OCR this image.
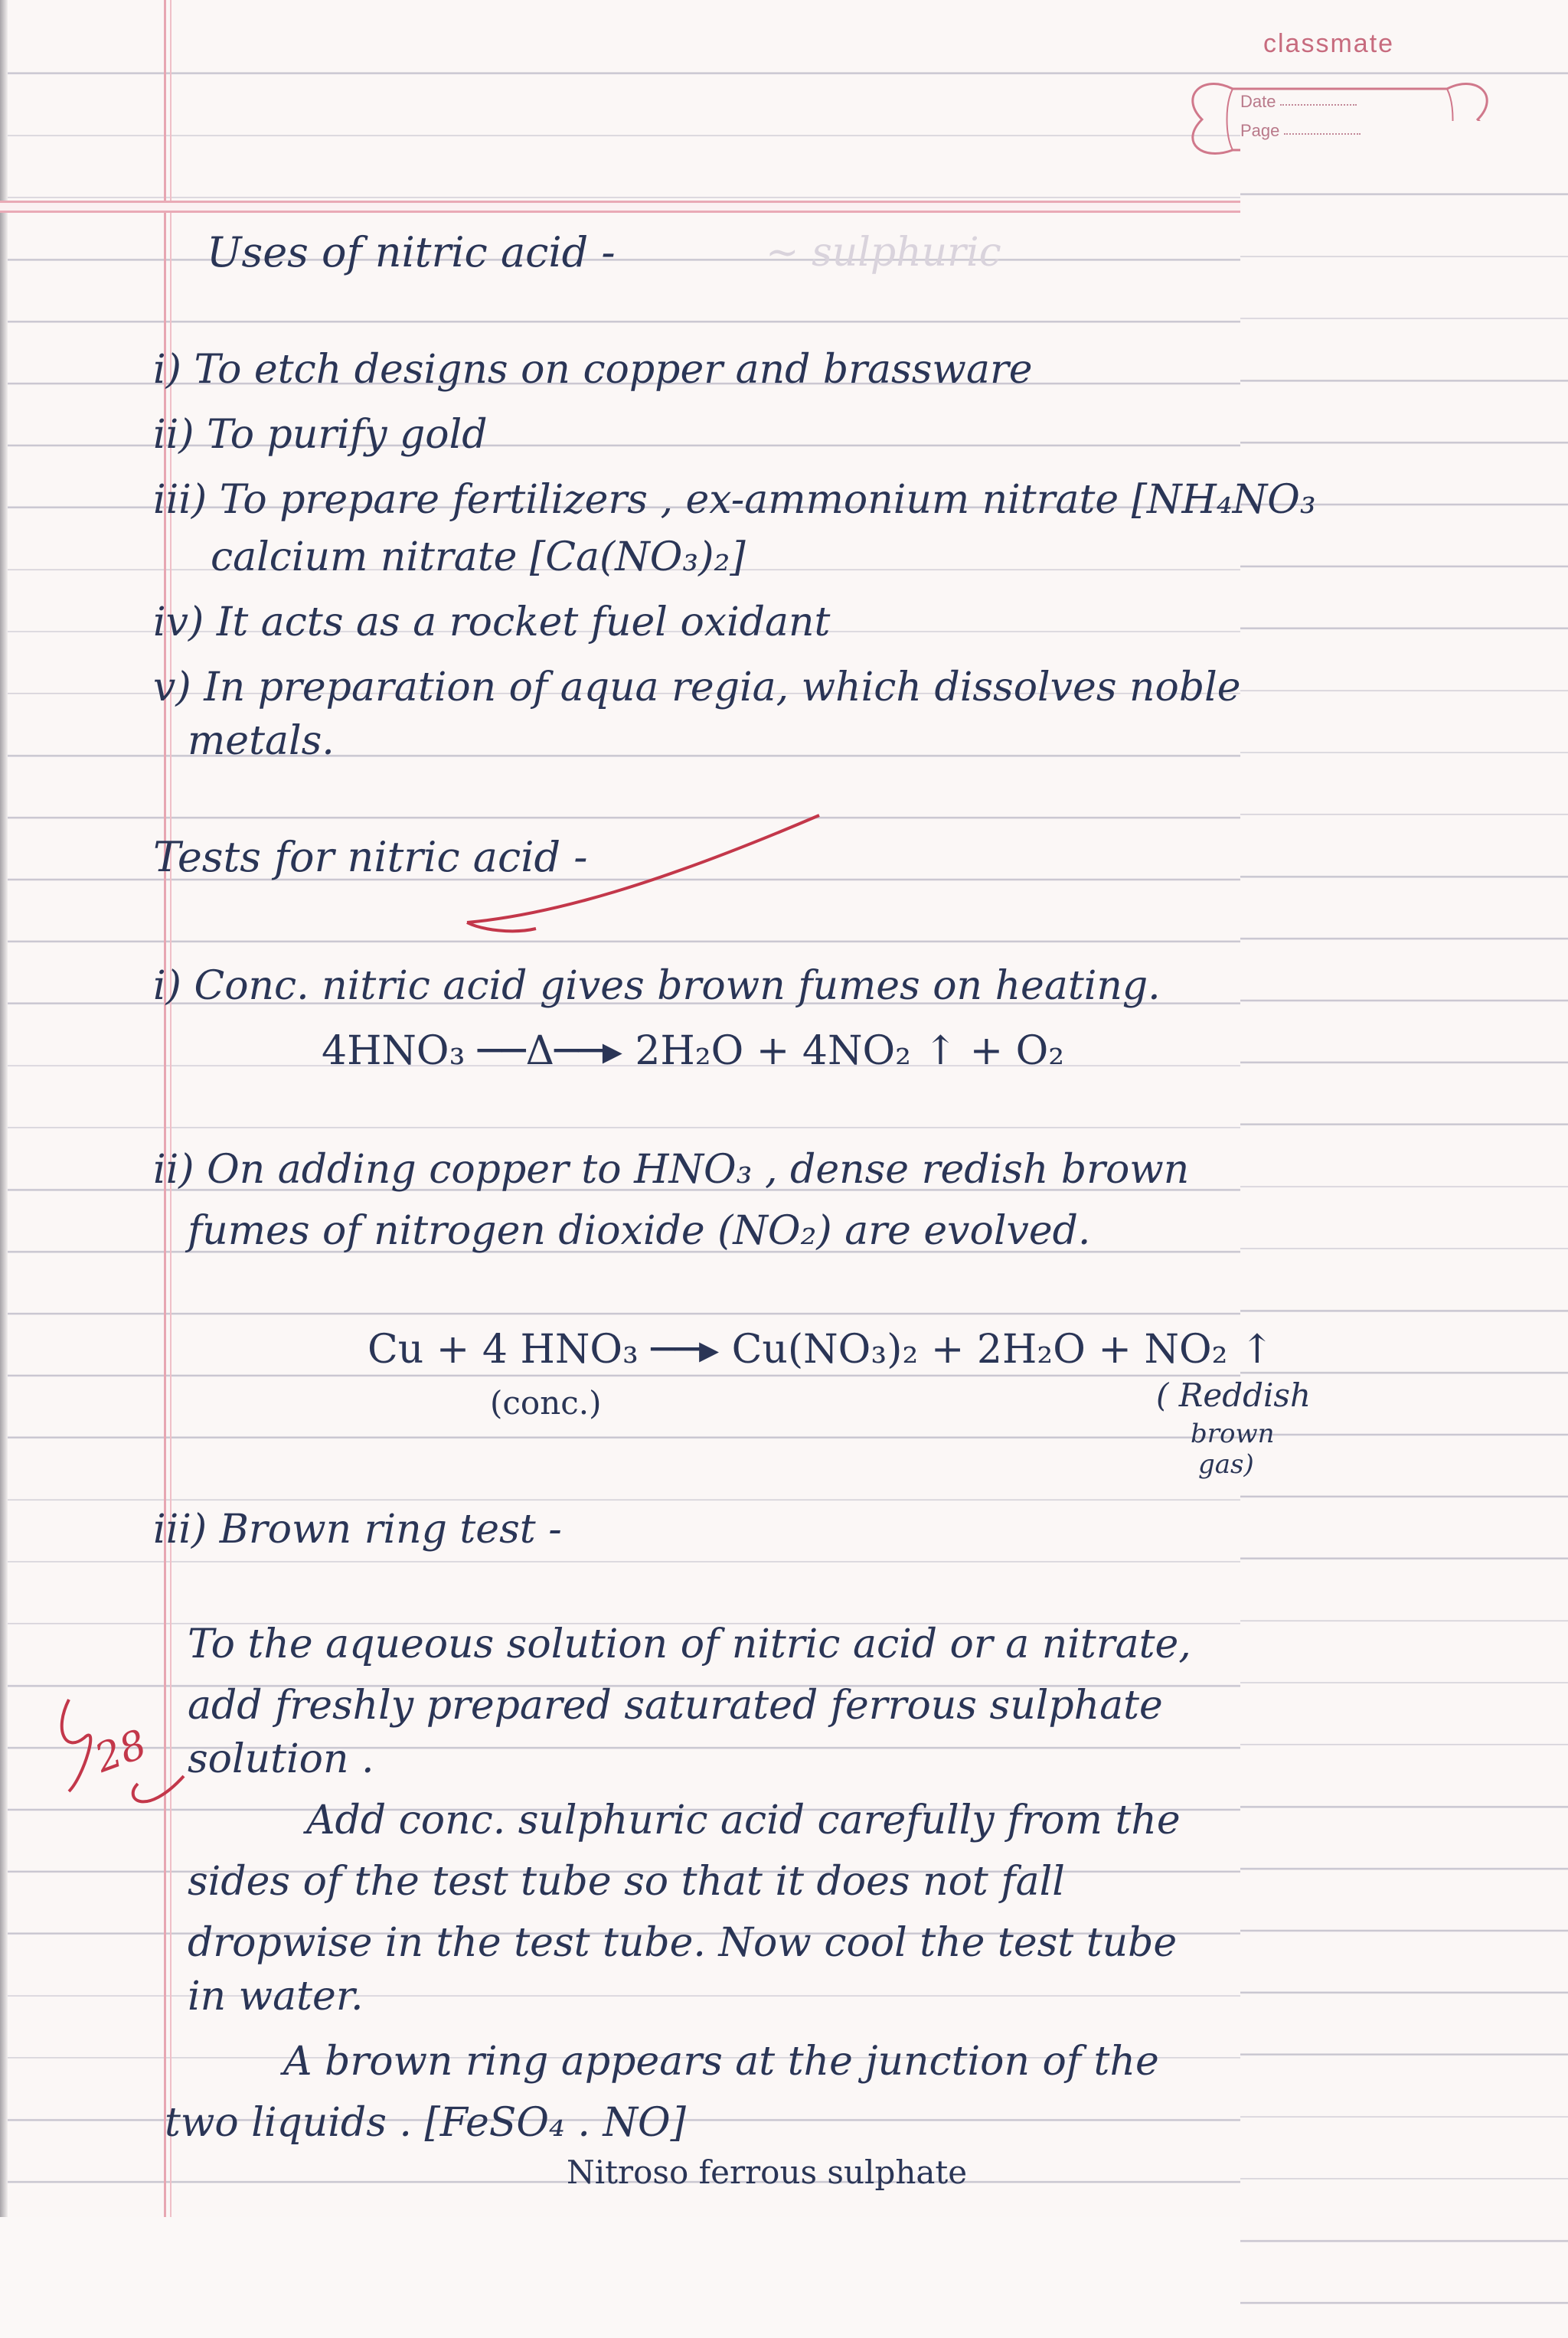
classmate
Date
Page
~ sulphuric

Uses of nitric acid -

i) To etch designs on copper and brassware

ii) To purify gold

iii) To prepare fertilizers , ex-ammonium nitrate [NH₄NO₃

calcium nitrate [Ca(NO₃)₂]

iv) It acts as a rocket fuel oxidant

v) In preparation of aqua regia, which dissolves noble

metals.

Tests for nitric acid -

i) Conc. nitric acid gives brown fumes on heating.

4HNO₃ ──Δ──▸ 2H₂O + 4NO₂ ↑ + O₂

ii) On adding copper to HNO₃ , dense redish brown

fumes of nitrogen dioxide (NO₂) are evolved.

Cu + 4 HNO₃ ──▸ Cu(NO₃)₂ + 2H₂O + NO₂ ↑

(conc.)	( Reddish

brown

gas)

iii) Brown ring test -

To the aqueous solution of nitric acid or a nitrate,

add freshly prepared saturated ferrous sulphate

solution .

Add conc. sulphuric acid carefully from the

sides of the test tube so that it does not fall

dropwise in the test tube. Now cool the test tube

in water.

A brown ring appears at the junction of the

two liquids . [FeSO₄ . NO]

Nitroso ferrous sulphate

28
